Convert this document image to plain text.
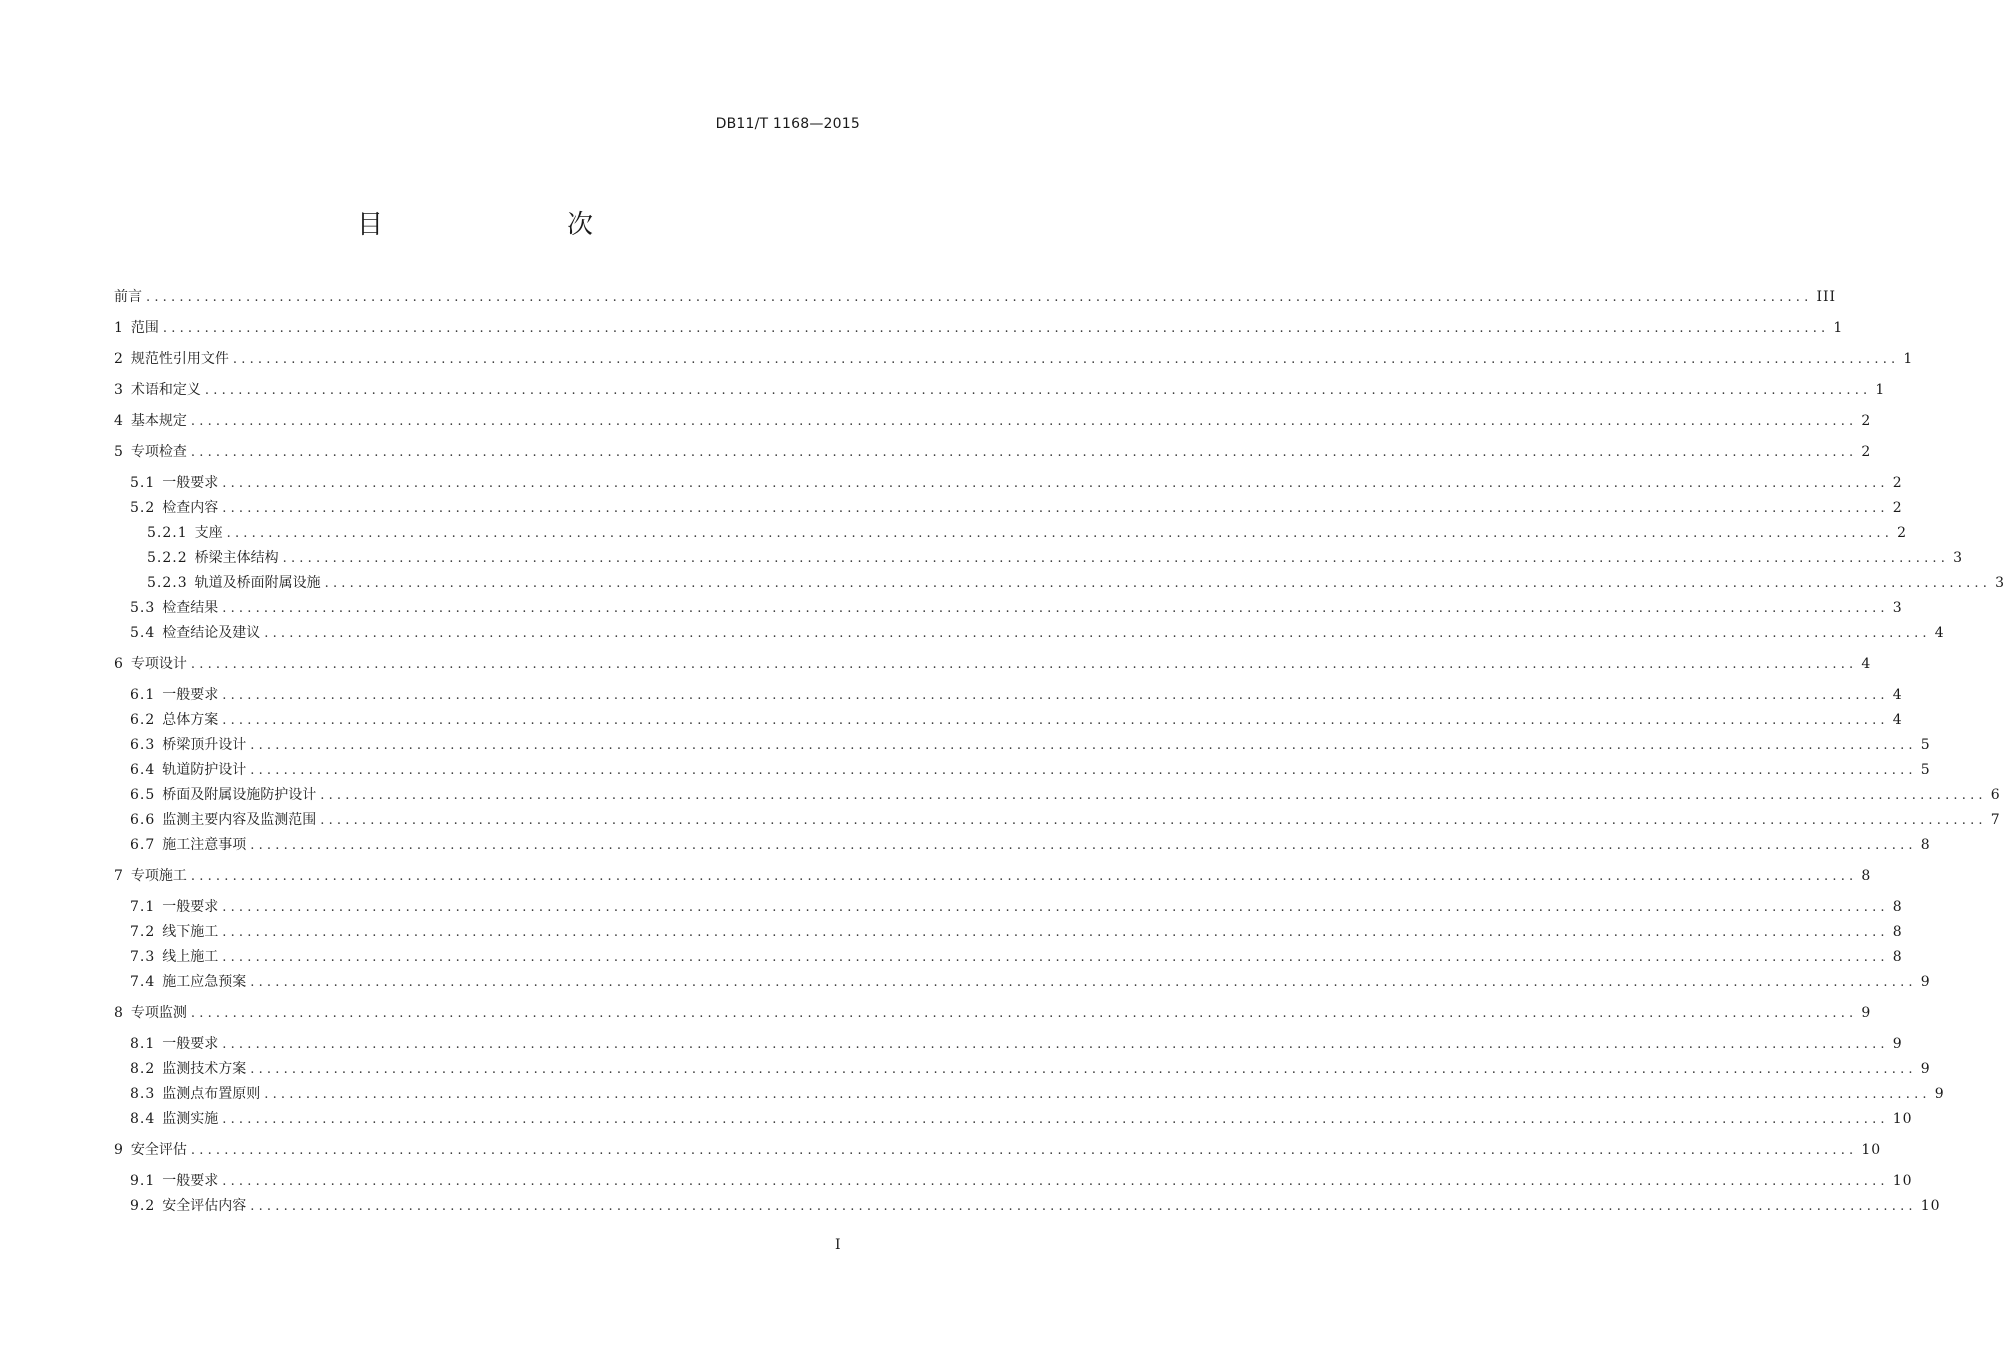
DB11/T 1168—2015
目　　次
前言 ........................................................................................................................................................................................................ III
1 范围 ........................................................................................................................................................................................................ 1
2 规范性引用文件 ........................................................................................................................................................................................................ 1
3 术语和定义 ........................................................................................................................................................................................................ 1
4 基本规定 ........................................................................................................................................................................................................ 2
5 专项检查 ........................................................................................................................................................................................................ 2
5.1 一般要求 ........................................................................................................................................................................................................ 2
5.2 检查内容 ........................................................................................................................................................................................................ 2
5.2.1 支座 ........................................................................................................................................................................................................ 2
5.2.2 桥梁主体结构 ........................................................................................................................................................................................................ 3
5.2.3 轨道及桥面附属设施 ........................................................................................................................................................................................................ 3
5.3 检查结果 ........................................................................................................................................................................................................ 3
5.4 检查结论及建议 ........................................................................................................................................................................................................ 4
6 专项设计 ........................................................................................................................................................................................................ 4
6.1 一般要求 ........................................................................................................................................................................................................ 4
6.2 总体方案 ........................................................................................................................................................................................................ 4
6.3 桥梁顶升设计 ........................................................................................................................................................................................................ 5
6.4 轨道防护设计 ........................................................................................................................................................................................................ 5
6.5 桥面及附属设施防护设计 ........................................................................................................................................................................................................ 6
6.6 监测主要内容及监测范围 ........................................................................................................................................................................................................ 7
6.7 施工注意事项 ........................................................................................................................................................................................................ 8
7 专项施工 ........................................................................................................................................................................................................ 8
7.1 一般要求 ........................................................................................................................................................................................................ 8
7.2 线下施工 ........................................................................................................................................................................................................ 8
7.3 线上施工 ........................................................................................................................................................................................................ 8
7.4 施工应急预案 ........................................................................................................................................................................................................ 9
8 专项监测 ........................................................................................................................................................................................................ 9
8.1 一般要求 ........................................................................................................................................................................................................ 9
8.2 监测技术方案 ........................................................................................................................................................................................................ 9
8.3 监测点布置原则 ........................................................................................................................................................................................................ 9
8.4 监测实施 ........................................................................................................................................................................................................ 10
9 安全评估 ........................................................................................................................................................................................................ 10
9.1 一般要求 ........................................................................................................................................................................................................ 10
9.2 安全评估内容 ........................................................................................................................................................................................................ 10
I
